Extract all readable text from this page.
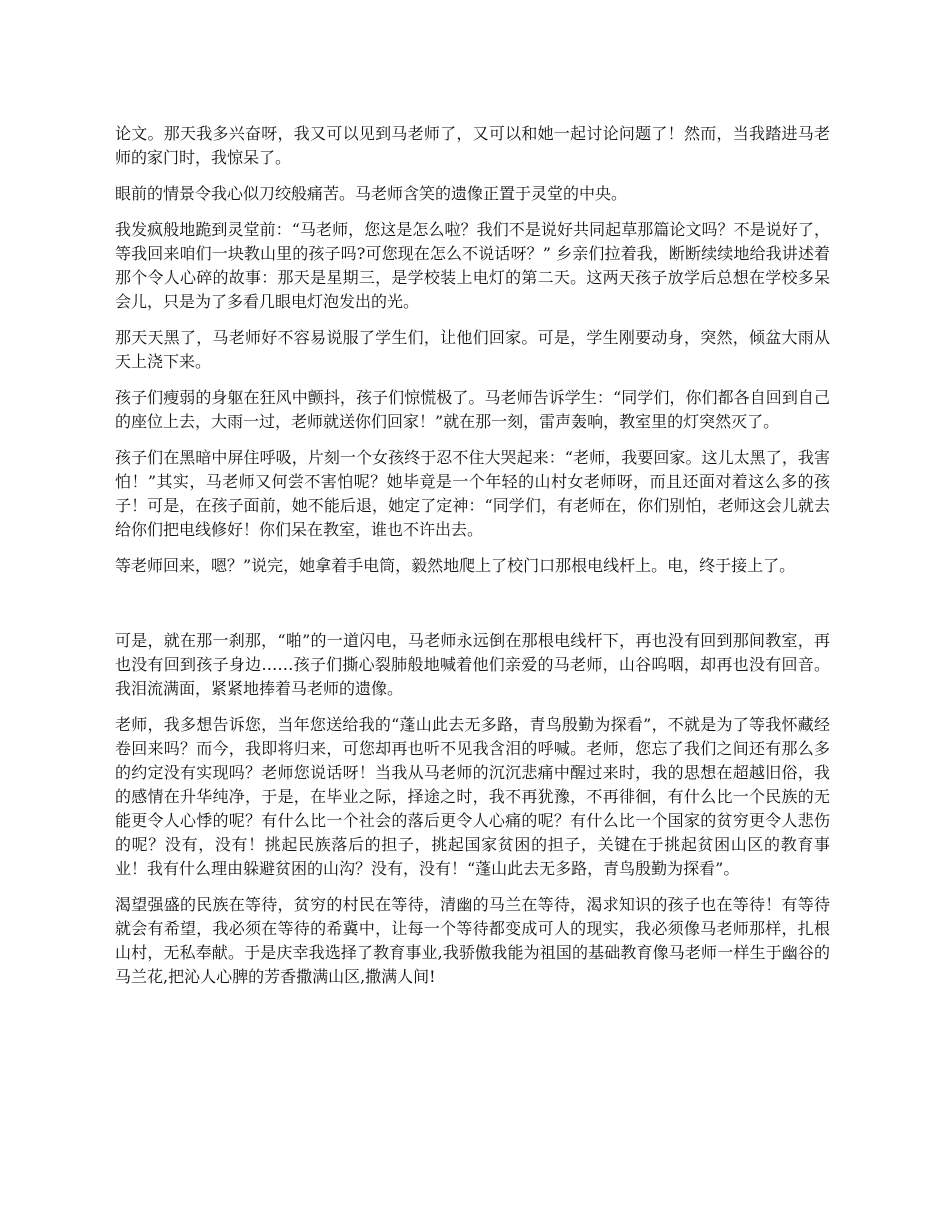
论文。那天我多兴奋呀，我又可以见到马老师了，又可以和她一起讨论问题了！然而，当我踏进马老师的家门时，我惊呆了。

眼前的情景令我心似刀绞般痛苦。马老师含笑的遗像正置于灵堂的中央。

我发疯般地跪到灵堂前：“马老师，您这是怎么啦？我们不是说好共同起草那篇论文吗？不是说好了，等我回来咱们一块教山里的孩子吗?可您现在怎么不说话呀？” 乡亲们拉着我，断断续续地给我讲述着那个令人心碎的故事：那天是星期三，是学校装上电灯的第二天。这两天孩子放学后总想在学校多呆会儿，只是为了多看几眼电灯泡发出的光。

那天天黑了，马老师好不容易说服了学生们，让他们回家。可是，学生刚要动身，突然，倾盆大雨从天上浇下来。

孩子们瘦弱的身躯在狂风中颤抖，孩子们惊慌极了。马老师告诉学生：“同学们，你们都各自回到自己的座位上去，大雨一过，老师就送你们回家！”就在那一刻，雷声轰响，教室里的灯突然灭了。

孩子们在黑暗中屏住呼吸，片刻一个女孩终于忍不住大哭起来：“老师，我要回家。这儿太黑了，我害怕！”其实，马老师又何尝不害怕呢？她毕竟是一个年轻的山村女老师呀，而且还面对着这么多的孩子！可是，在孩子面前，她不能后退，她定了定神：“同学们，有老师在，你们别怕，老师这会儿就去给你们把电线修好！你们呆在教室，谁也不许出去。

等老师回来，嗯？”说完，她拿着手电筒，毅然地爬上了校门口那根电线杆上。电，终于接上了。

可是，就在那一刹那，“啪”的一道闪电，马老师永远倒在那根电线杆下，再也没有回到那间教室，再也没有回到孩子身边……孩子们撕心裂肺般地喊着他们亲爱的马老师，山谷呜咽，却再也没有回音。我泪流满面，紧紧地捧着马老师的遗像。

老师，我多想告诉您，当年您送给我的“蓬山此去无多路，青鸟殷勤为探看”，不就是为了等我怀藏经卷回来吗？而今，我即将归来，可您却再也听不见我含泪的呼喊。老师，您忘了我们之间还有那么多的约定没有实现吗？老师您说话呀！当我从马老师的沉沉悲痛中醒过来时，我的思想在超越旧俗，我的感情在升华纯净，于是，在毕业之际，择途之时，我不再犹豫，不再徘徊，有什么比一个民族的无能更令人心悸的呢？有什么比一个社会的落后更令人心痛的呢？有什么比一个国家的贫穷更令人悲伤的呢？没有，没有！挑起民族落后的担子，挑起国家贫困的担子，关键在于挑起贫困山区的教育事业！我有什么理由躲避贫困的山沟？没有，没有！“蓬山此去无多路，青鸟殷勤为探看”。

渴望强盛的民族在等待，贫穷的村民在等待，清幽的马兰在等待，渴求知识的孩子也在等待！有等待就会有希望，我必须在等待的希冀中，让每一个等待都变成可人的现实，我必须像马老师那样，扎根山村，无私奉献。于是庆幸我选择了教育事业,我骄傲我能为祖国的基础教育像马老师一样生于幽谷的马兰花,把沁人心脾的芳香撒满山区,撒满人间!
